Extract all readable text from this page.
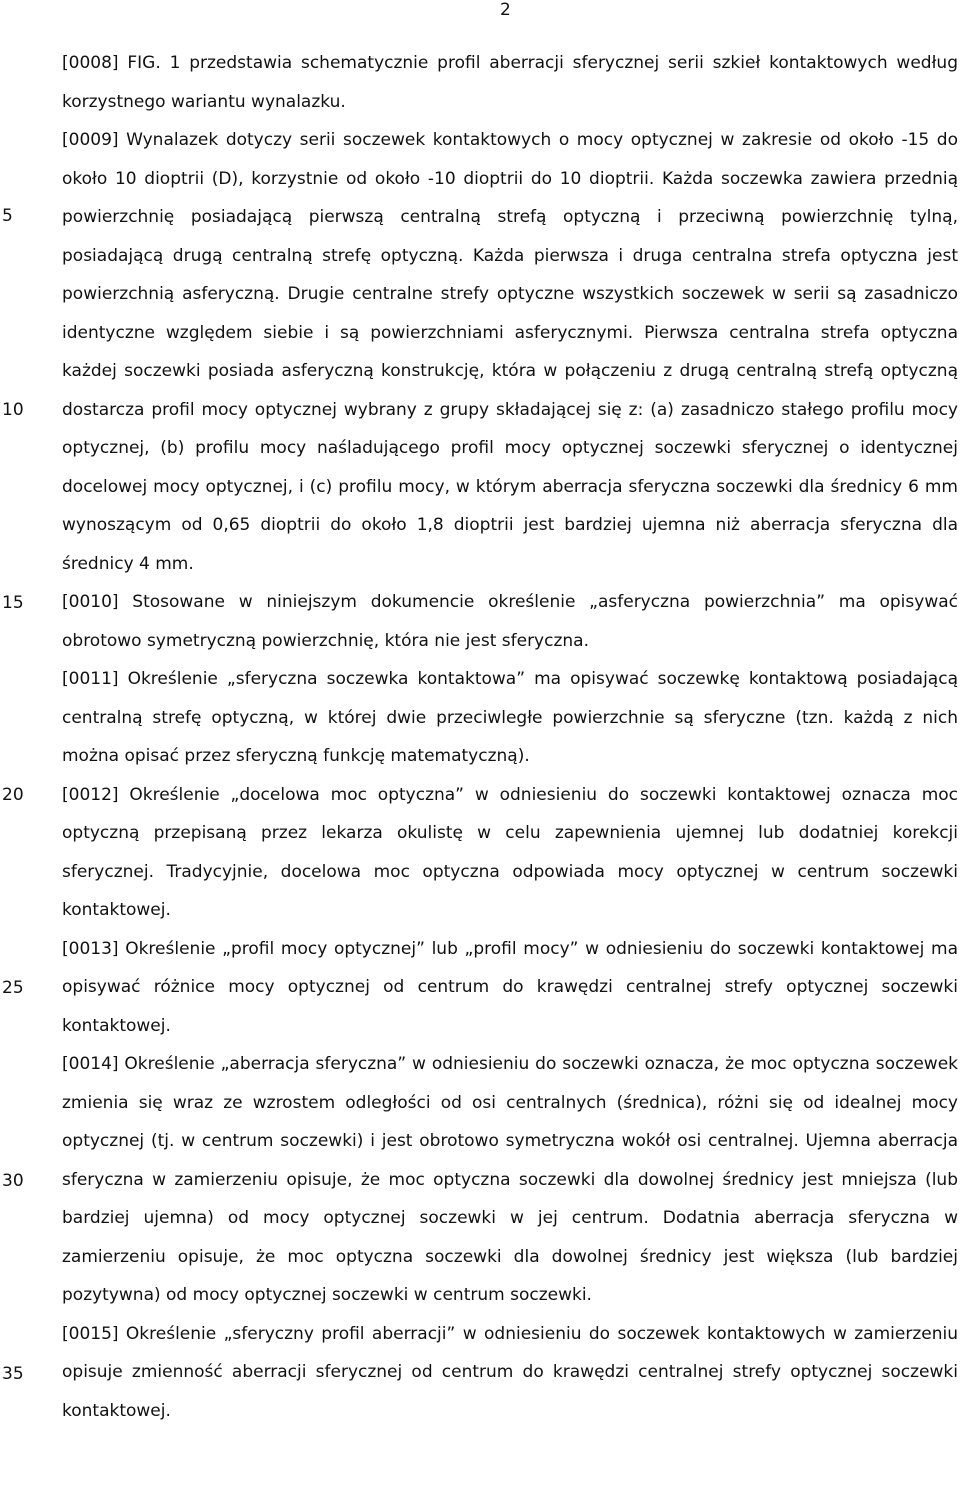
2
5
10
15
20
25
30
35

[0008] FIG. 1 przedstawia schematycznie profil aberracji sferycznej serii szkieł kontaktowych według korzystnego wariantu wynalazku.

[0009] Wynalazek dotyczy serii soczewek kontaktowych o mocy optycznej w zakresie od około -15 do około 10 dioptrii (D), korzystnie od około -10 dioptrii do 10 dioptrii. Każda soczewka zawiera przednią powierzchnię posiadającą pierwszą centralną strefą optyczną i przeciwną powierzchnię tylną, posiadającą drugą centralną strefę optyczną. Każda pierwsza i druga centralna strefa optyczna jest powierzchnią asferyczną. Drugie centralne strefy optyczne wszystkich soczewek w serii są zasadniczo identyczne względem siebie i są powierzchniami asferycznymi. Pierwsza centralna strefa optyczna każdej soczewki posiada asferyczną konstrukcję, która w połączeniu z drugą centralną strefą optyczną dostarcza profil mocy optycznej wybrany z grupy składającej się z: (a) zasadniczo stałego profilu mocy optycznej, (b) profilu mocy naśladującego profil mocy optycznej soczewki sferycznej o identycznej docelowej mocy optycznej, i (c) profilu mocy, w którym aberracja sferyczna soczewki dla średnicy 6 mm wynoszącym od 0,65 dioptrii do około 1,8 dioptrii jest bardziej ujemna niż aberracja sferyczna dla średnicy 4 mm.

[0010] Stosowane w niniejszym dokumencie określenie „asferyczna powierzchnia” ma opisywać obrotowo symetryczną powierzchnię, która nie jest sferyczna.

[0011] Określenie „sferyczna soczewka kontaktowa” ma opisywać soczewkę kontaktową posiadającą centralną strefę optyczną, w której dwie przeciwległe powierzchnie są sferyczne (tzn. każdą z nich można opisać przez sferyczną funkcję matematyczną).

[0012] Określenie „docelowa moc optyczna” w odniesieniu do soczewki kontaktowej oznacza moc optyczną przepisaną przez lekarza okulistę w celu zapewnienia ujemnej lub dodatniej korekcji sferycznej. Tradycyjnie, docelowa moc optyczna odpowiada mocy optycznej w centrum soczewki kontaktowej.

[0013] Określenie „profil mocy optycznej” lub „profil mocy” w odniesieniu do soczewki kontaktowej ma opisywać różnice mocy optycznej od centrum do krawędzi centralnej strefy optycznej soczewki kontaktowej.

[0014] Określenie „aberracja sferyczna” w odniesieniu do soczewki oznacza, że moc optyczna soczewek zmienia się wraz ze wzrostem odległości od osi centralnych (średnica), różni się od idealnej mocy optycznej (tj. w centrum soczewki) i jest obrotowo symetryczna wokół osi centralnej. Ujemna aberracja sferyczna w zamierzeniu opisuje, że moc optyczna soczewki dla dowolnej średnicy jest mniejsza (lub bardziej ujemna) od mocy optycznej soczewki w jej centrum. Dodatnia aberracja sferyczna w zamierzeniu opisuje, że moc optyczna soczewki dla dowolnej średnicy jest większa (lub bardziej pozytywna) od mocy optycznej soczewki w centrum soczewki.

[0015] Określenie „sferyczny profil aberracji” w odniesieniu do soczewek kontaktowych w zamierzeniu opisuje zmienność aberracji sferycznej od centrum do krawędzi centralnej strefy optycznej soczewki kontaktowej.
